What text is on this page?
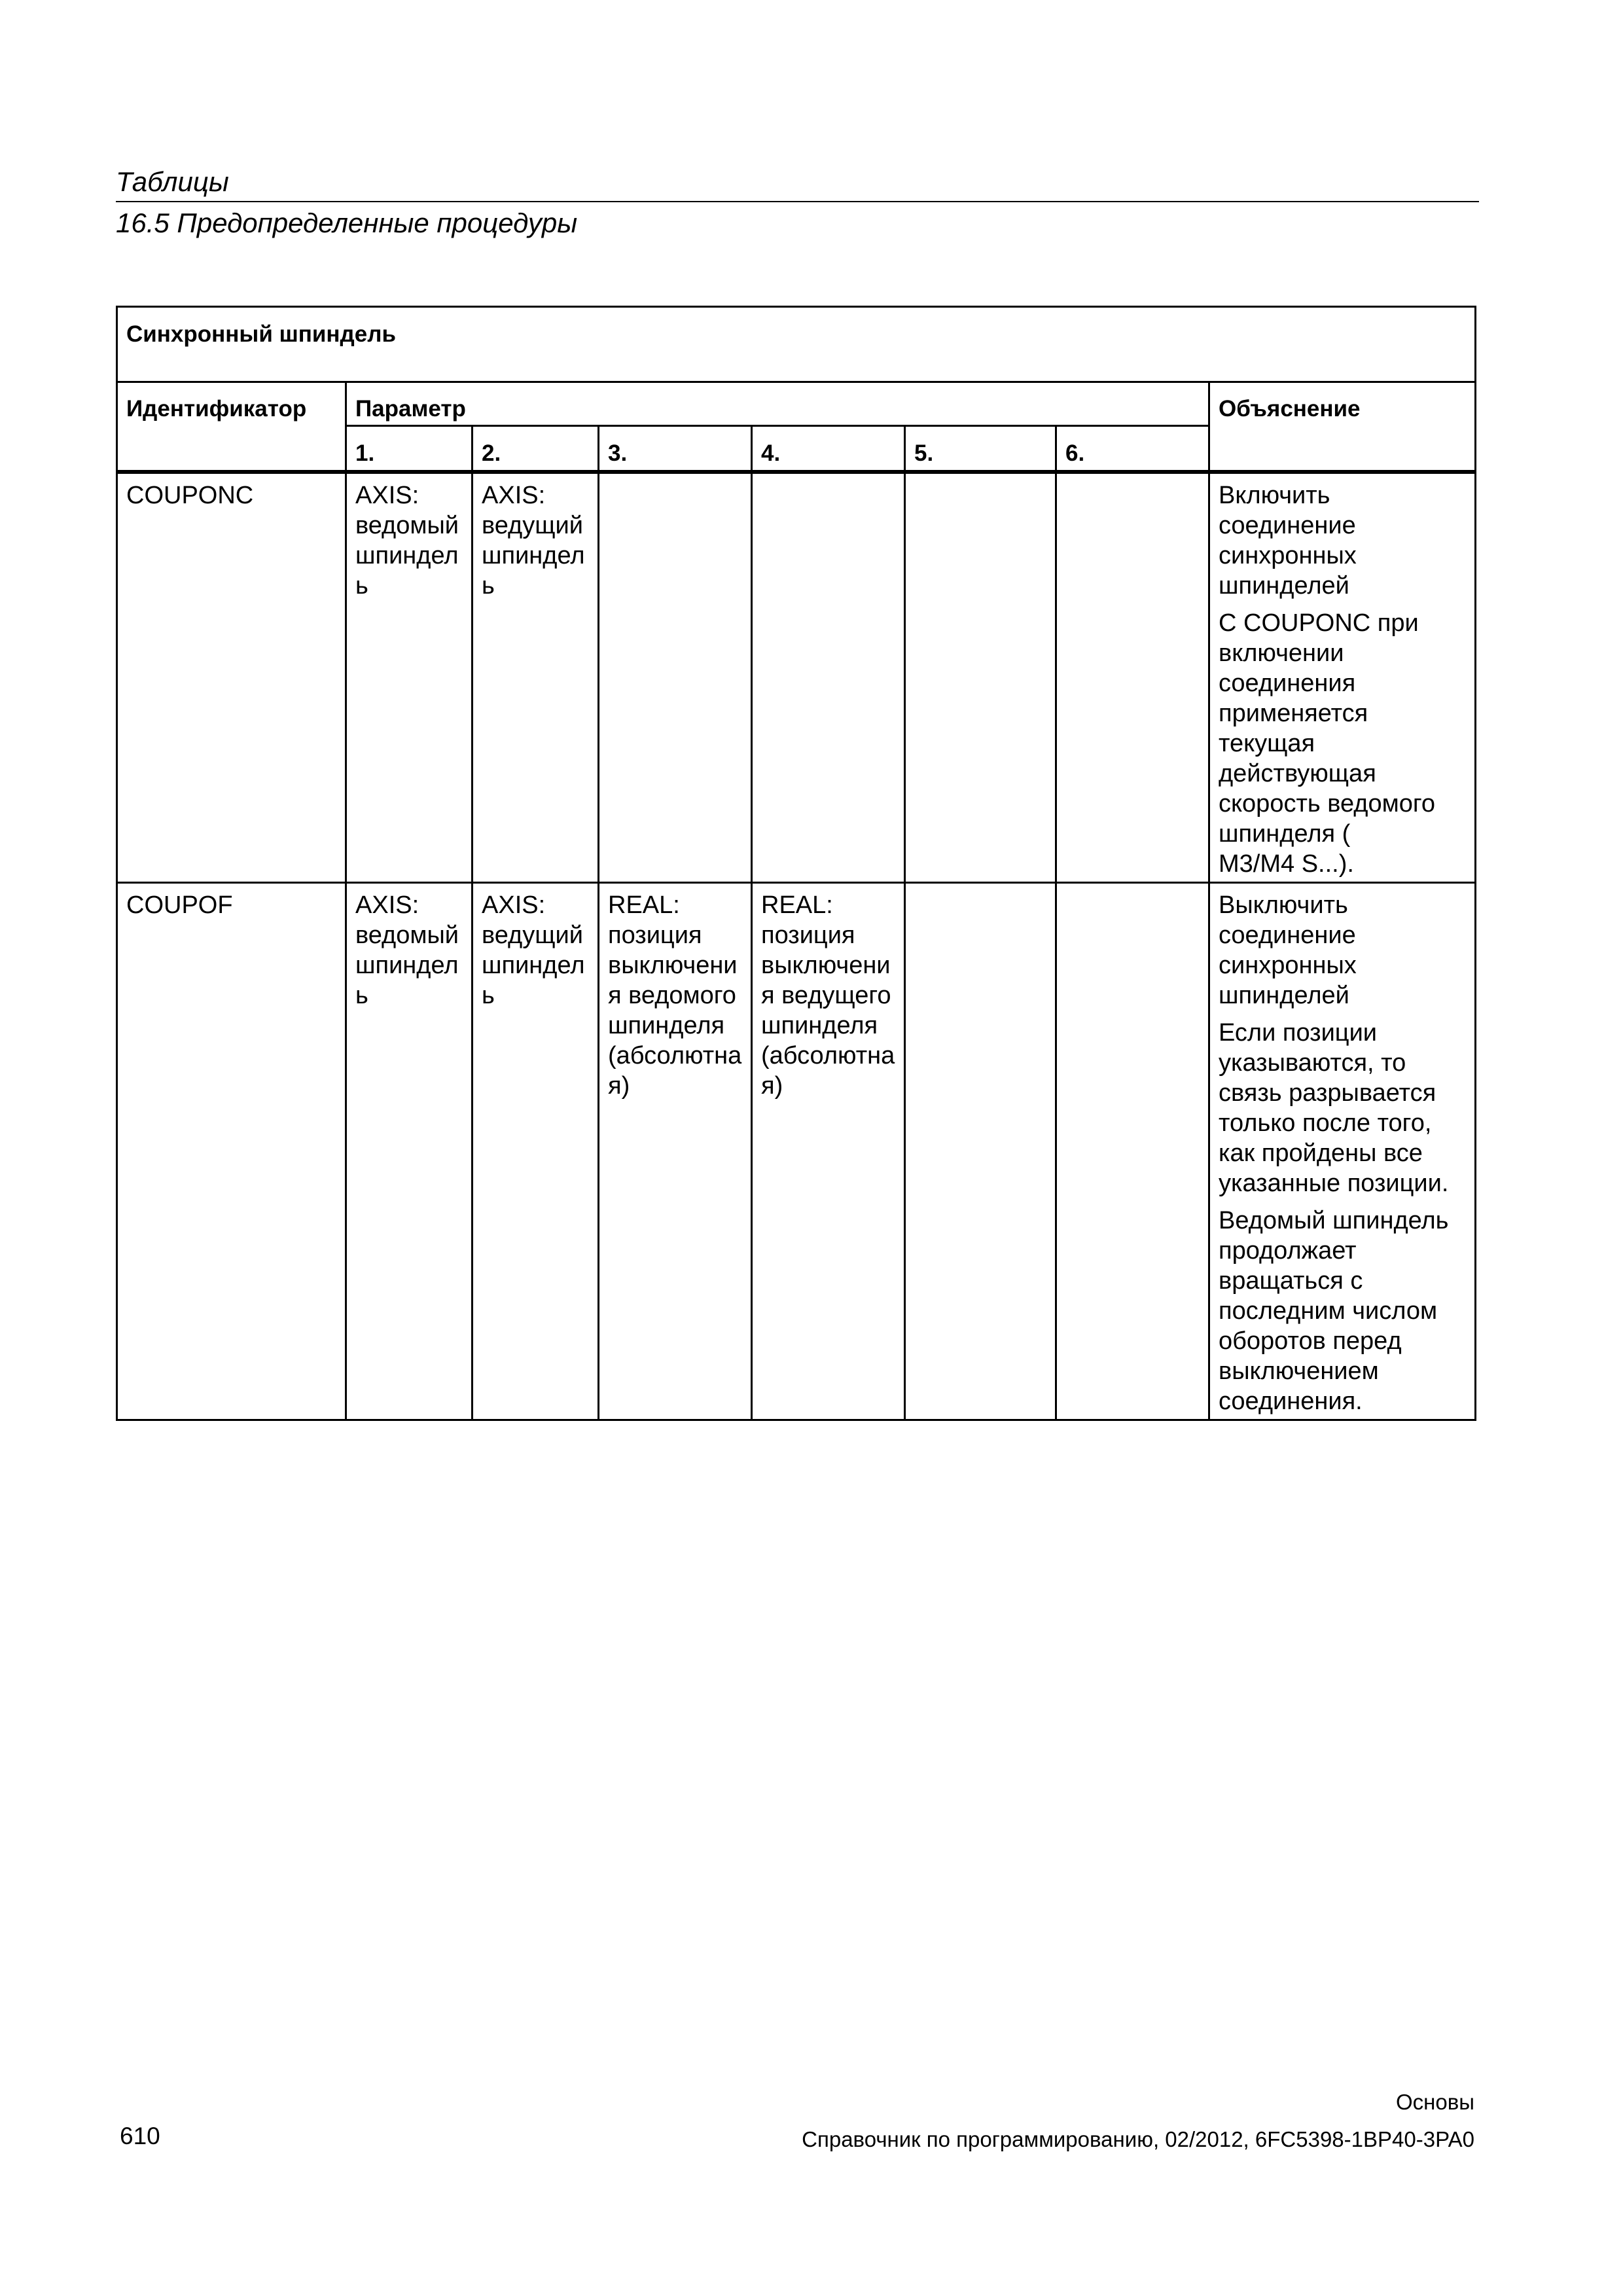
Таблицы
16.5 Предопределенные процедуры
Синхронный шпиндель							
Идентификатор	Параметр						Объяснение
	1.	2.	3.	4.	5.	6.	
COUPONC	AXIS: ведомый шпиндель	AXIS: ведущий шпиндель					Включить соединение синхронных шпинделей

С COUPONC при включении соединения применяется текущая действующая скорость ведомого шпинделя ( M3/M4 S...).

COUPOF	AXIS: ведомый шпиндель	AXIS: ведущий шпиндель	REAL: позиция выключения ведомого шпинделя (абсолютная)	REAL: позиция выключения ведущего шпинделя (абсолютная)			Выключить соединение синхронных шпинделей

Если позиции указываются, то связь разрывается только после того, как пройдены все указанные позиции.

Ведомый шпиндель продолжает вращаться с последним числом оборотов перед выключением соединения.

Основы
610	Справочник по программированию, 02/2012, 6FC5398-1BP40-3PA0
